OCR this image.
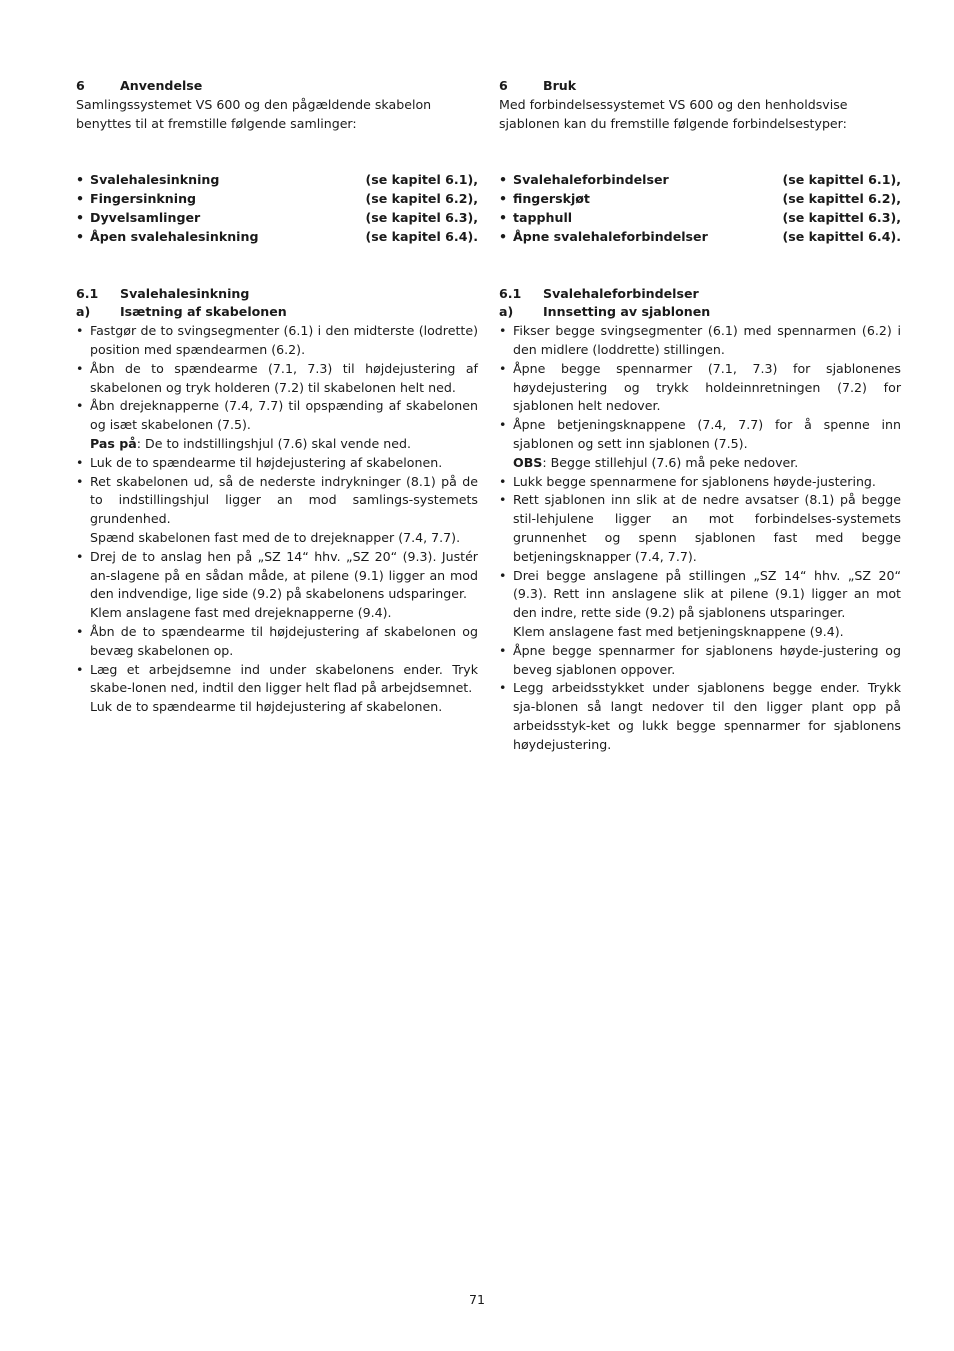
6	Anvendelse

Samlingssystemet VS 600 og den pågældende skabelon benyttes til at fremstille følgende samlinger:

• Svalehalesinkning	(se kapitel 6.1),
• Fingersinkning	(se kapitel 6.2),
• Dyvelsamlinger	(se kapitel 6.3),
• Åpen svalehalesinkning	(se kapitel 6.4).
6.1 Svalehalesinkning
a) Isætning af skabelonen
• Fastgør de to svingsegmenter (6.1) i den midterste (lodrette) position med spændearmen (6.2).
• Åbn de to spændearme (7.1, 7.3) til højdejustering af skabelonen og tryk holderen (7.2) til skabelonen helt ned.
• Åbn drejeknapperne (7.4, 7.7) til opspænding af skabelonen og isæt skabelonen (7.5).
Pas på: De to indstillingshjul (7.6) skal vende ned.
• Luk de to spændearme til højdejustering af skabelonen.
• Ret skabelonen ud, så de nederste indrykninger (8.1) på de to indstillingshjul ligger an mod samlings-systemets grundenhed.
Spænd skabelonen fast med de to drejeknapper (7.4, 7.7).
• Drej de to anslag hen på „SZ 14“ hhv. „SZ 20“ (9.3). Justér an-slagene på en sådan måde, at pilene (9.1) ligger an mod den indvendige, lige side (9.2) på skabelonens udsparinger.
Klem anslagene fast med drejeknapperne (9.4).
• Åbn de to spændearme til højdejustering af skabelonen og bevæg skabelonen op.
• Læg et arbejdsemne ind under skabelonens ender. Tryk skabe-lonen ned, indtil den ligger helt flad på arbejdsemnet.
Luk de to spændearme til højdejustering af skabelonen.
6	Bruk

Med forbindelsessystemet VS 600 og den henholdsvise sjablonen kan du fremstille følgende forbindelsestyper:

• Svalehaleforbindelser	(se kapittel 6.1),
• fingerskjøt	(se kapittel 6.2),
• tapphull	(se kapittel 6.3),
• Åpne svalehaleforbindelser	(se kapittel 6.4).
6.1 Svalehaleforbindelser
a) Innsetting av sjablonen
• Fikser begge svingsegmenter (6.1) med spennarmen (6.2) i den midlere (loddrette) stillingen.
• Åpne begge spennarmer (7.1, 7.3) for sjablonenes høydejustering og trykk holdeinnretningen (7.2) for sjablonen helt nedover.
• Åpne betjeningsknappene (7.4, 7.7) for å spenne inn sjablonen og sett inn sjablonen (7.5).
OBS: Begge stillehjul (7.6) må peke nedover.
• Lukk begge spennarmene for sjablonens høyde-justering.
• Rett sjablonen inn slik at de nedre avsatser (8.1) på begge stil-lehjulene ligger an mot forbindelses-systemets grunnenhet og spenn sjablonen fast med begge betjeningsknapper (7.4, 7.7).
• Drei begge anslagene på stillingen „SZ 14“ hhv. „SZ 20“ (9.3). Rett inn anslagene slik at pilene (9.1) ligger an mot den indre, rette side (9.2) på sjablonens utsparinger.
Klem anslagene fast med betjeningsknappene (9.4).
• Åpne begge spennarmer for sjablonens høyde-justering og beveg sjablonen oppover.
• Legg arbeidsstykket under sjablonens begge ender. Trykk sja-blonen så langt nedover til den ligger plant opp på arbeidsstyk-ket og lukk begge spennarmer for sjablonens høydejustering.
71
